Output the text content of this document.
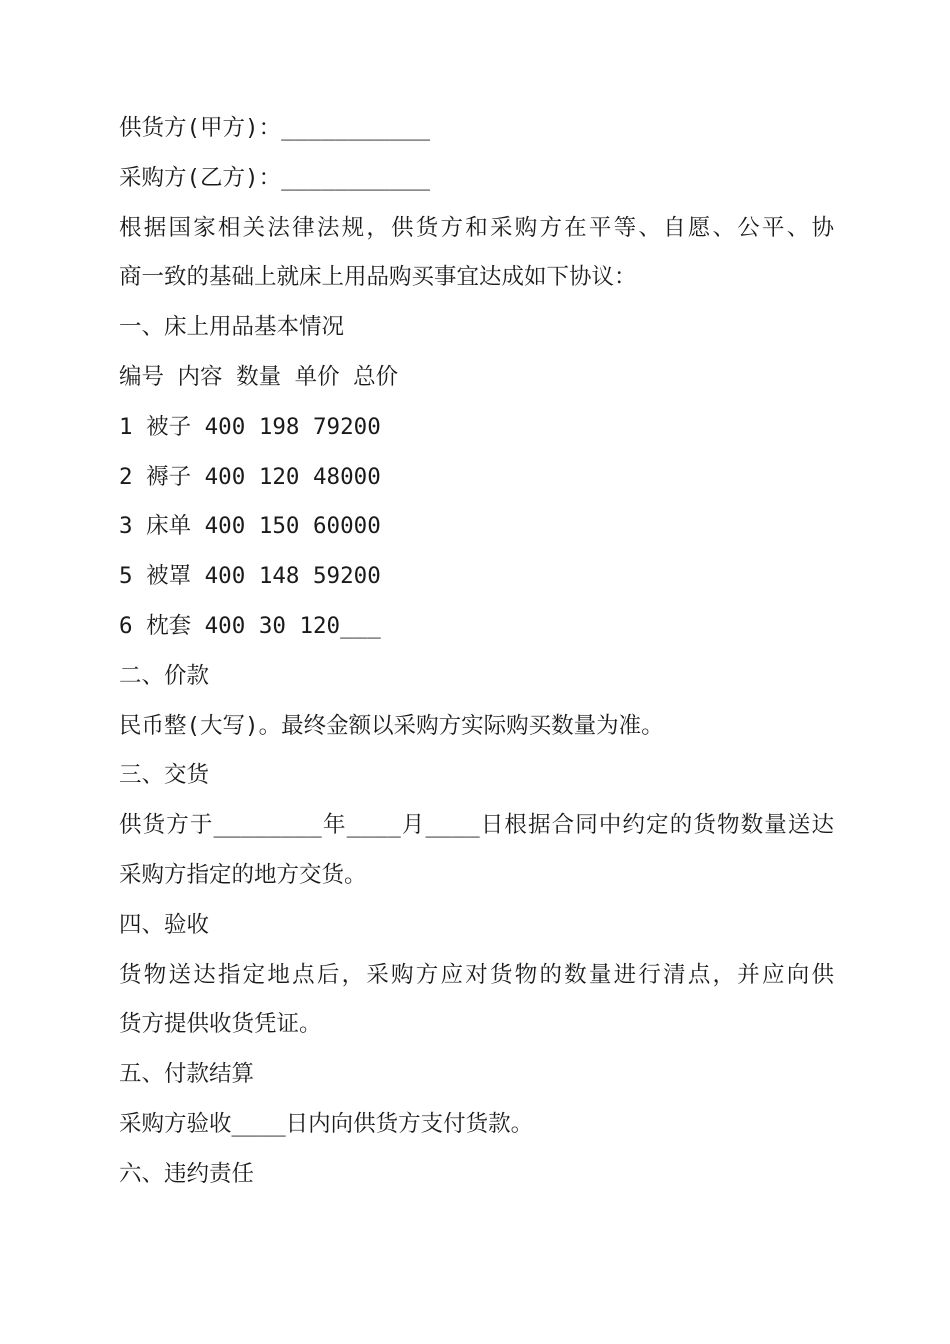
供货方(甲方)：___________
采购方(乙方)：___________
根据国家相关法律法规，供货方和采购方在平等、自愿、公平、协
商一致的基础上就床上用品购买事宜达成如下协议：
一、床上用品基本情况
编号 内容 数量 单价 总价
1 被子 400 198 79200
2 褥子 400 120 48000
3 床单 400 150 60000
5 被罩 400 148 59200
6 枕套 400 30 120___
二、价款
民币整(大写)。最终金额以采购方实际购买数量为准。
三、交货
供货方于________年____月____日根据合同中约定的货物数量送达
采购方指定的地方交货。
四、验收
货物送达指定地点后，采购方应对货物的数量进行清点，并应向供
货方提供收货凭证。
五、付款结算
采购方验收____日内向供货方支付货款。
六、违约责任
